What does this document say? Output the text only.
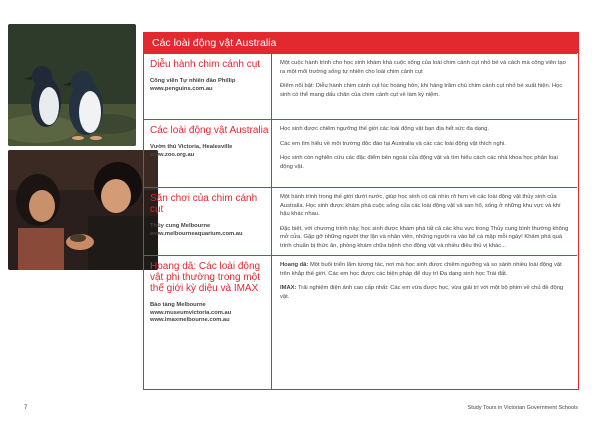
Các loài động vật Australia
Diễu hành chim cánh cụt
Công viên Tự nhiên đảo Phillip
www.penguins.com.au

Một cuộc hành trình cho học sinh khám khá cuộc sống của loài chim cánh cụt nhỏ bé và cách mà công viên tạo ra một môi trường sống tự nhiên cho loài chim cánh cụt

Điểm nổi bật: Diễu hành chim cánh cụt lúc hoàng hôn, khi hàng trăm chú chim cánh cụt nhỏ bé xuất hiện. Học sinh có thể mang dấu chân của chim cánh cụt về làm kỷ niệm.

Các loài động vật Australia
Vườn thú Victoria, Healesville
www.zoo.org.au

Học sinh được chiêm ngưỡng thế giới các loài động vật bạn địa hết sức đa dạng.

Các em tìm hiểu về môi trường độc đáo tại Australia và các các loài động vật thích nghi.

Học sinh còn nghiên cứu các đặc điểm bên ngoài của động vật và tìm hiểu cách các nhà khoa học phân loại động vật.

Săn chơi của chim cánh cụt
Thủy cung Melbourne
www.melbourneaquarium.com.au

Một hành trình trong thế giới dưới nước, giúp học sinh có cái nhìn rõ hơn về các loài động vật thủy sinh của Australia. Học sinh được khám phá cuộc sống của các loài động vật và san hô, sống ở những khu vực và khí hậu khác nhau.

Đặc biệt, với chương trình này, học sinh được khám phá tất cả các khu vực trong Thủy cung bình thường không mở cửa. Gặp gỡ những người thợ lặn và nhân viên, những người ra vào bể cá mập mỗi ngày! Khám phá quá trình chuẩn bị thức ăn, phòng khám chữa bệnh cho động vật và nhiều điều thú vị khác...

Hoang dã: Các loài động vật phi thường trong một thế giới kỳ diệu và IMAX
Bảo tàng Melbourne
www.museumvictoria.com.au
www.imaxmelbourne.com.au

Hoang dã: Một buổi triển lãm tương tác, nơi mà học sinh được chiêm ngưỡng và so sánh nhiều loài động vật trên khắp thế giới. Các em học được các biện pháp để duy trì Đa dạng sinh học Trái đất.

IMAX: Trải nghiệm điện ảnh cao cấp nhất: Các em vừa được học, vừa giải trí với một bộ phim về chủ đề động vật.

7	Study Tours in Victorian Government Schools
